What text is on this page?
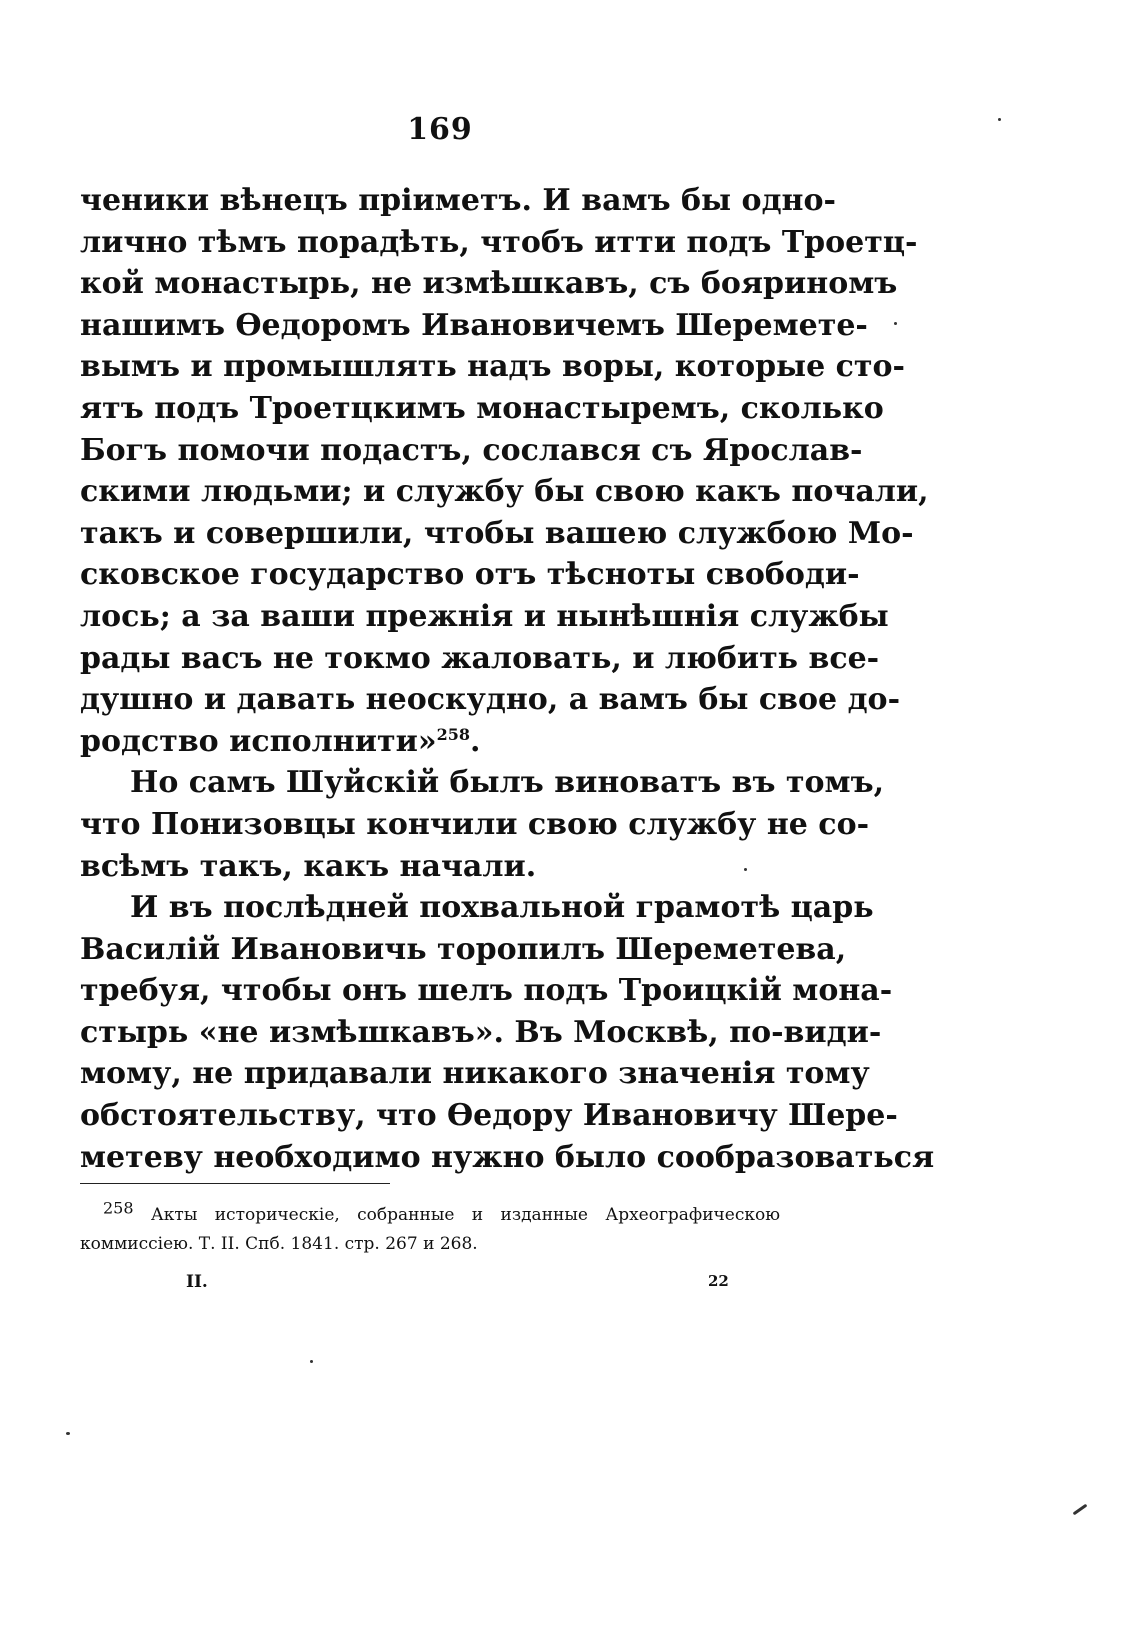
169
ченики вѣнецъ пріиметъ. И вамъ бы одно-
лично тѣмъ порадѣть, чтобъ итти подъ Троетц-
кой монастырь, не измѣшкавъ, съ бояриномъ
нашимъ Ѳедоромъ Ивановичемъ Шереметe-
вымъ и промышлять надъ воры, которые сто-
ятъ подъ Троетцкимъ монастыремъ, сколько
Богъ помочи подастъ, сослався съ Ярослав-
скими людьми; и службу бы свою какъ почали,
такъ и совершили, чтобы вашею службою Мо-
сковское государство отъ тѣсноты свободи-
лось; а за ваши прежнія и нынѣшнія службы
рады васъ не токмо жаловать, и любить все-
душно и давать неоскудно, а вамъ бы свое до-
родство исполнити»$^{258}$.
Но самъ Шуйскій былъ виноватъ въ томъ,
что Понизовцы кончили свою службу не со-
всѣмъ такъ, какъ начали.
И въ послѣдней похвальной грамотѣ царь
Василій Ивановичь торопилъ Шереметева,
требуя, чтобы онъ шелъ подъ Троицкій мона-
стырь «не измѣшкавъ». Въ Москвѣ, по-види-
мому, не придавали никакого значенія тому
обстоятельству, что Ѳедору Ивановичу Шере-
метеву необходимо нужно было сообразоваться
$^{258}$ Акты историческіе, собранные и изданные Археографическою
коммиссіею. Т. II. Спб. 1841. стр. 267 и 268.
II.	22
